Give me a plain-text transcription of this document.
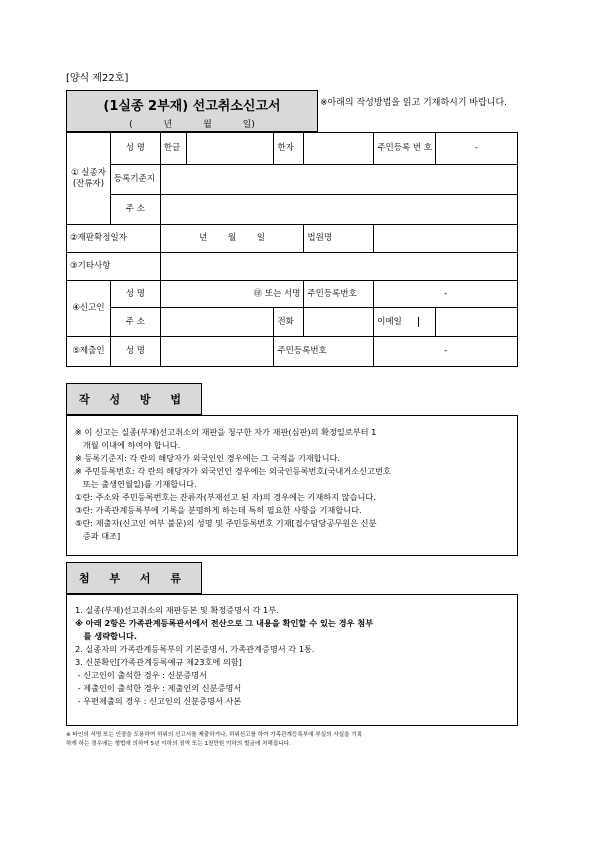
[양식 제22호]
(1실종 2부재) 선고취소신고서
(	년	월	일)
※아래의 작성방법을 읽고 기재하시기 바랍니다.
① 실종자 (잔류자)	성 명	한글		한자		주민등록 번 호	-
	등록기준지						
	주 소						
②재판확정일자		년 월 일			법원명		
③기타사항							
④신고인	성 명	㊞ 또는 서명			주민등록번호	-	
	주 소			전화		이메일	

⑤제출인	성 명			주민등록번호		-	
작 성 방 법
※ 이 신고는 실종(부재)선고취소의 재판을 청구한 자가 재판(심판)의 확정일로부터 1
개월 이내에 하여야 합니다.
※ 등록기준지: 각 란의 해당자가 외국인인 경우에는 그 국적을 기재합니다.
※ 주민등록번호: 각 란의 해당자가 외국인인 경우에는 외국인등록번호(국내거소신고번호
또는 출생연월일)를 기재합니다.
①란: 주소와 주민등록번호는 잔류자(부재선고 된 자)의 경우에는 기재하지 않습니다.
③란: 가족관계등록부에 기록을 분명하게 하는데 특히 필요한 사항을 기재합니다.
⑤란: 제출자(신고인 여부 불문)의 성명 및 주민등록번호 기재[접수담당공무원은 신분
증과 대조]
첨 부 서 류
1. 실종(부재)선고취소의 재판등본 및 확정증명서 각 1부.
※ 아래 2항은 가족관계등록관서에서 전산으로 그 내용을 확인할 수 있는 경우 첨부
를 생략합니다.
2. 실종자의 가족관계등록부의 기본증명서, 가족관계증명서 각 1통.
3. 신분확인[가족관계등록예규 제23호에 의함]
- 신고인이 출석한 경우 : 신분증명서
- 제출인이 출석한 경우 : 제출인의 신분증명서
- 우편제출의 경우 : 신고인의 신분증명서 사본
※ 타인의 서명 또는 인장을 도용하여 허위의 신고서를 제출하거나, 허위신고를 하여 가족관계등록부에 부실의 사실을 기록
하게 하는 경우에는 형법에 의하여 5년 이하의 징역 또는 1천만원 이하의 벌금에 처해집니다.
